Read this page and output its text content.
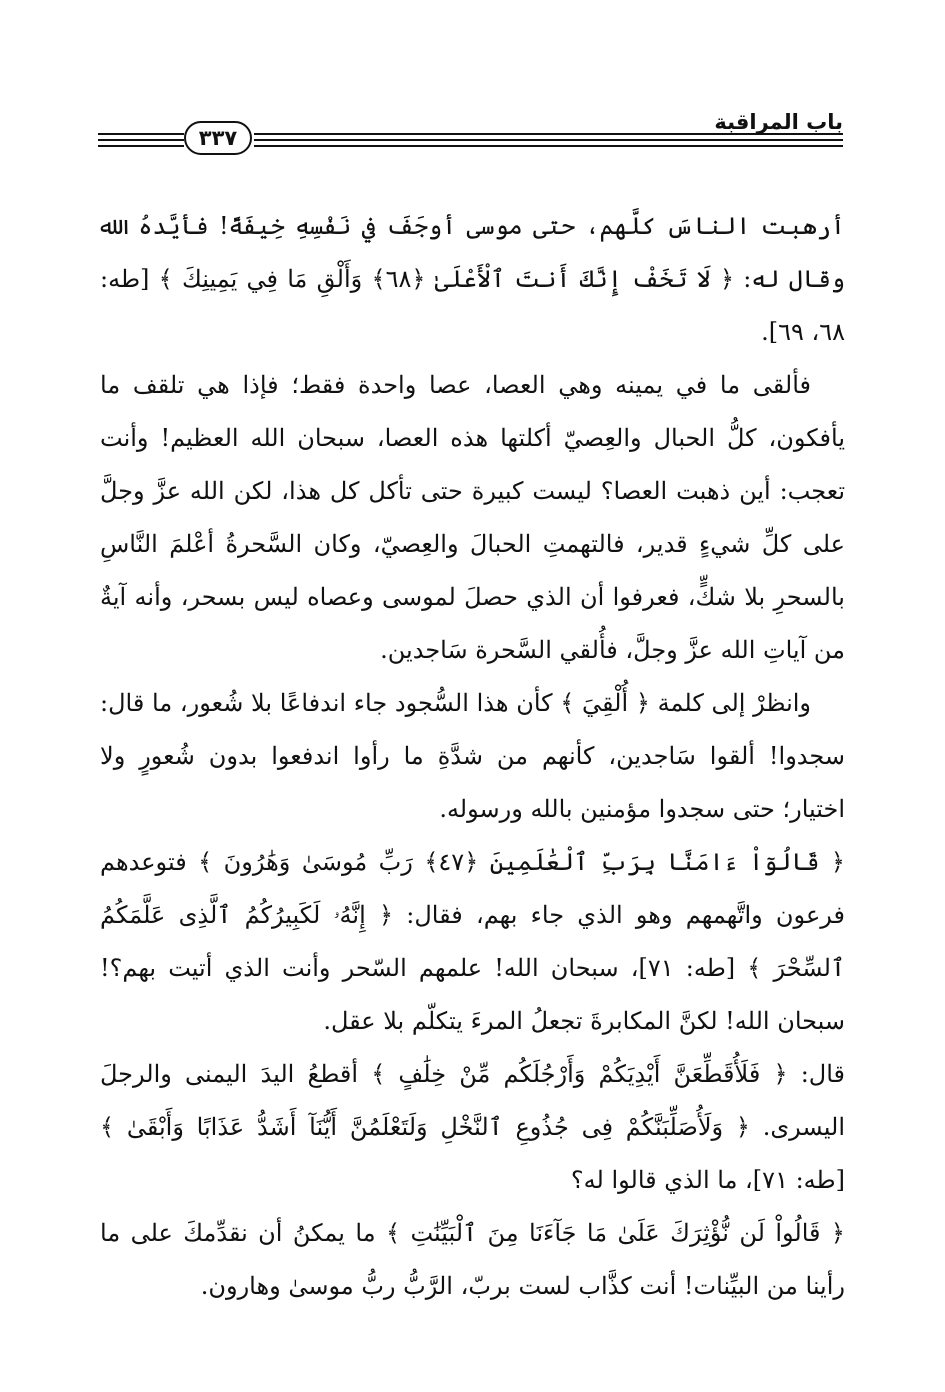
٣٣٧
باب المراقبة

أرهبت الناسَ كلَّهم، حتى موسى أوجَفَ في نَفْسِهِ خِيفَةً! فأيَّدهُ الله وقال له: ﴿ لَا تَخَفْ إِنَّكَ أَنتَ ٱلْأَعْلَىٰ ﴿٦٨﴾ وَأَلْقِ مَا فِي يَمِينِكَ ﴾ [طه: ٦٨، ٦٩].

فألقى ما في يمينه وهي العصا، عصا واحدة فقط؛ فإذا هي تلقف ما يأفكون، كلُّ الحبال والعِصيّ أكلتها هذه العصا، سبحان الله العظيم! وأنت تعجب: أين ذهبت العصا؟ ليست كبيرة حتى تأكل كل هذا، لكن الله عزَّ وجلَّ على كلِّ شيءٍ قدير، فالتهمتِ الحبالَ والعِصيّ، وكان السَّحرةُ أعْلمَ النَّاسِ بالسحرِ بلا شكٍّ، فعرفوا أن الذي حصلَ لموسى وعصاه ليس بسحر، وأنه آيةٌ من آياتِ الله عزَّ وجلَّ، فأُلقي السَّحرة سَاجدين.

وانظرْ إلى كلمة ﴿ أُلْقِيَ ﴾ كأن هذا السُّجود جاء اندفاعًا بلا شُعور، ما قال: سجدوا! ألقوا سَاجدين، كأنهم من شدَّةِ ما رأوا اندفعوا بدون شُعورٍ ولا اختيار؛ حتى سجدوا مؤمنين بالله ورسوله.

﴿ قَالُوٓاْ ءَامَنَّا بِرَبِّ ٱلْعَٰلَمِينَ ﴿٤٧﴾ رَبِّ مُوسَىٰ وَهَٰرُونَ ﴾ فتوعدهم فرعون واتَّهمهم وهو الذي جاء بهم، فقال: ﴿ إِنَّهُۥ لَكَبِيرُكُمُ ٱلَّذِى عَلَّمَكُمُ ٱلسِّحْرَ ﴾ [طه: ٧١]، سبحان الله! علمهم السّحر وأنت الذي أتيت بهم؟! سبحان الله! لكنَّ المكابرةَ تجعلُ المرءَ يتكلّم بلا عقل.

قال: ﴿ فَلَأُقَطِّعَنَّ أَيْدِيَكُمْ وَأَرْجُلَكُم مِّنْ خِلَٰفٍ ﴾ أقطعُ اليدَ اليمنى والرجلَ اليسرى. ﴿ وَلَأُصَلِّبَنَّكُمْ فِى جُذُوعِ ٱلنَّخْلِ وَلَتَعْلَمُنَّ أَيُّنَآ أَشَدُّ عَذَابًا وَأَبْقَىٰ ﴾ [طه: ٧١]، ما الذي قالوا له؟

﴿ قَالُواْ لَن نُّؤْثِرَكَ عَلَىٰ مَا جَآءَنَا مِنَ ٱلْبَيِّنَٰتِ ﴾ ما يمكنُ أن نقدِّمكَ على ما رأينا من البيِّنات! أنت كذَّاب لست بربّ، الرَّبُّ ربُّ موسىٰ وهارون.
